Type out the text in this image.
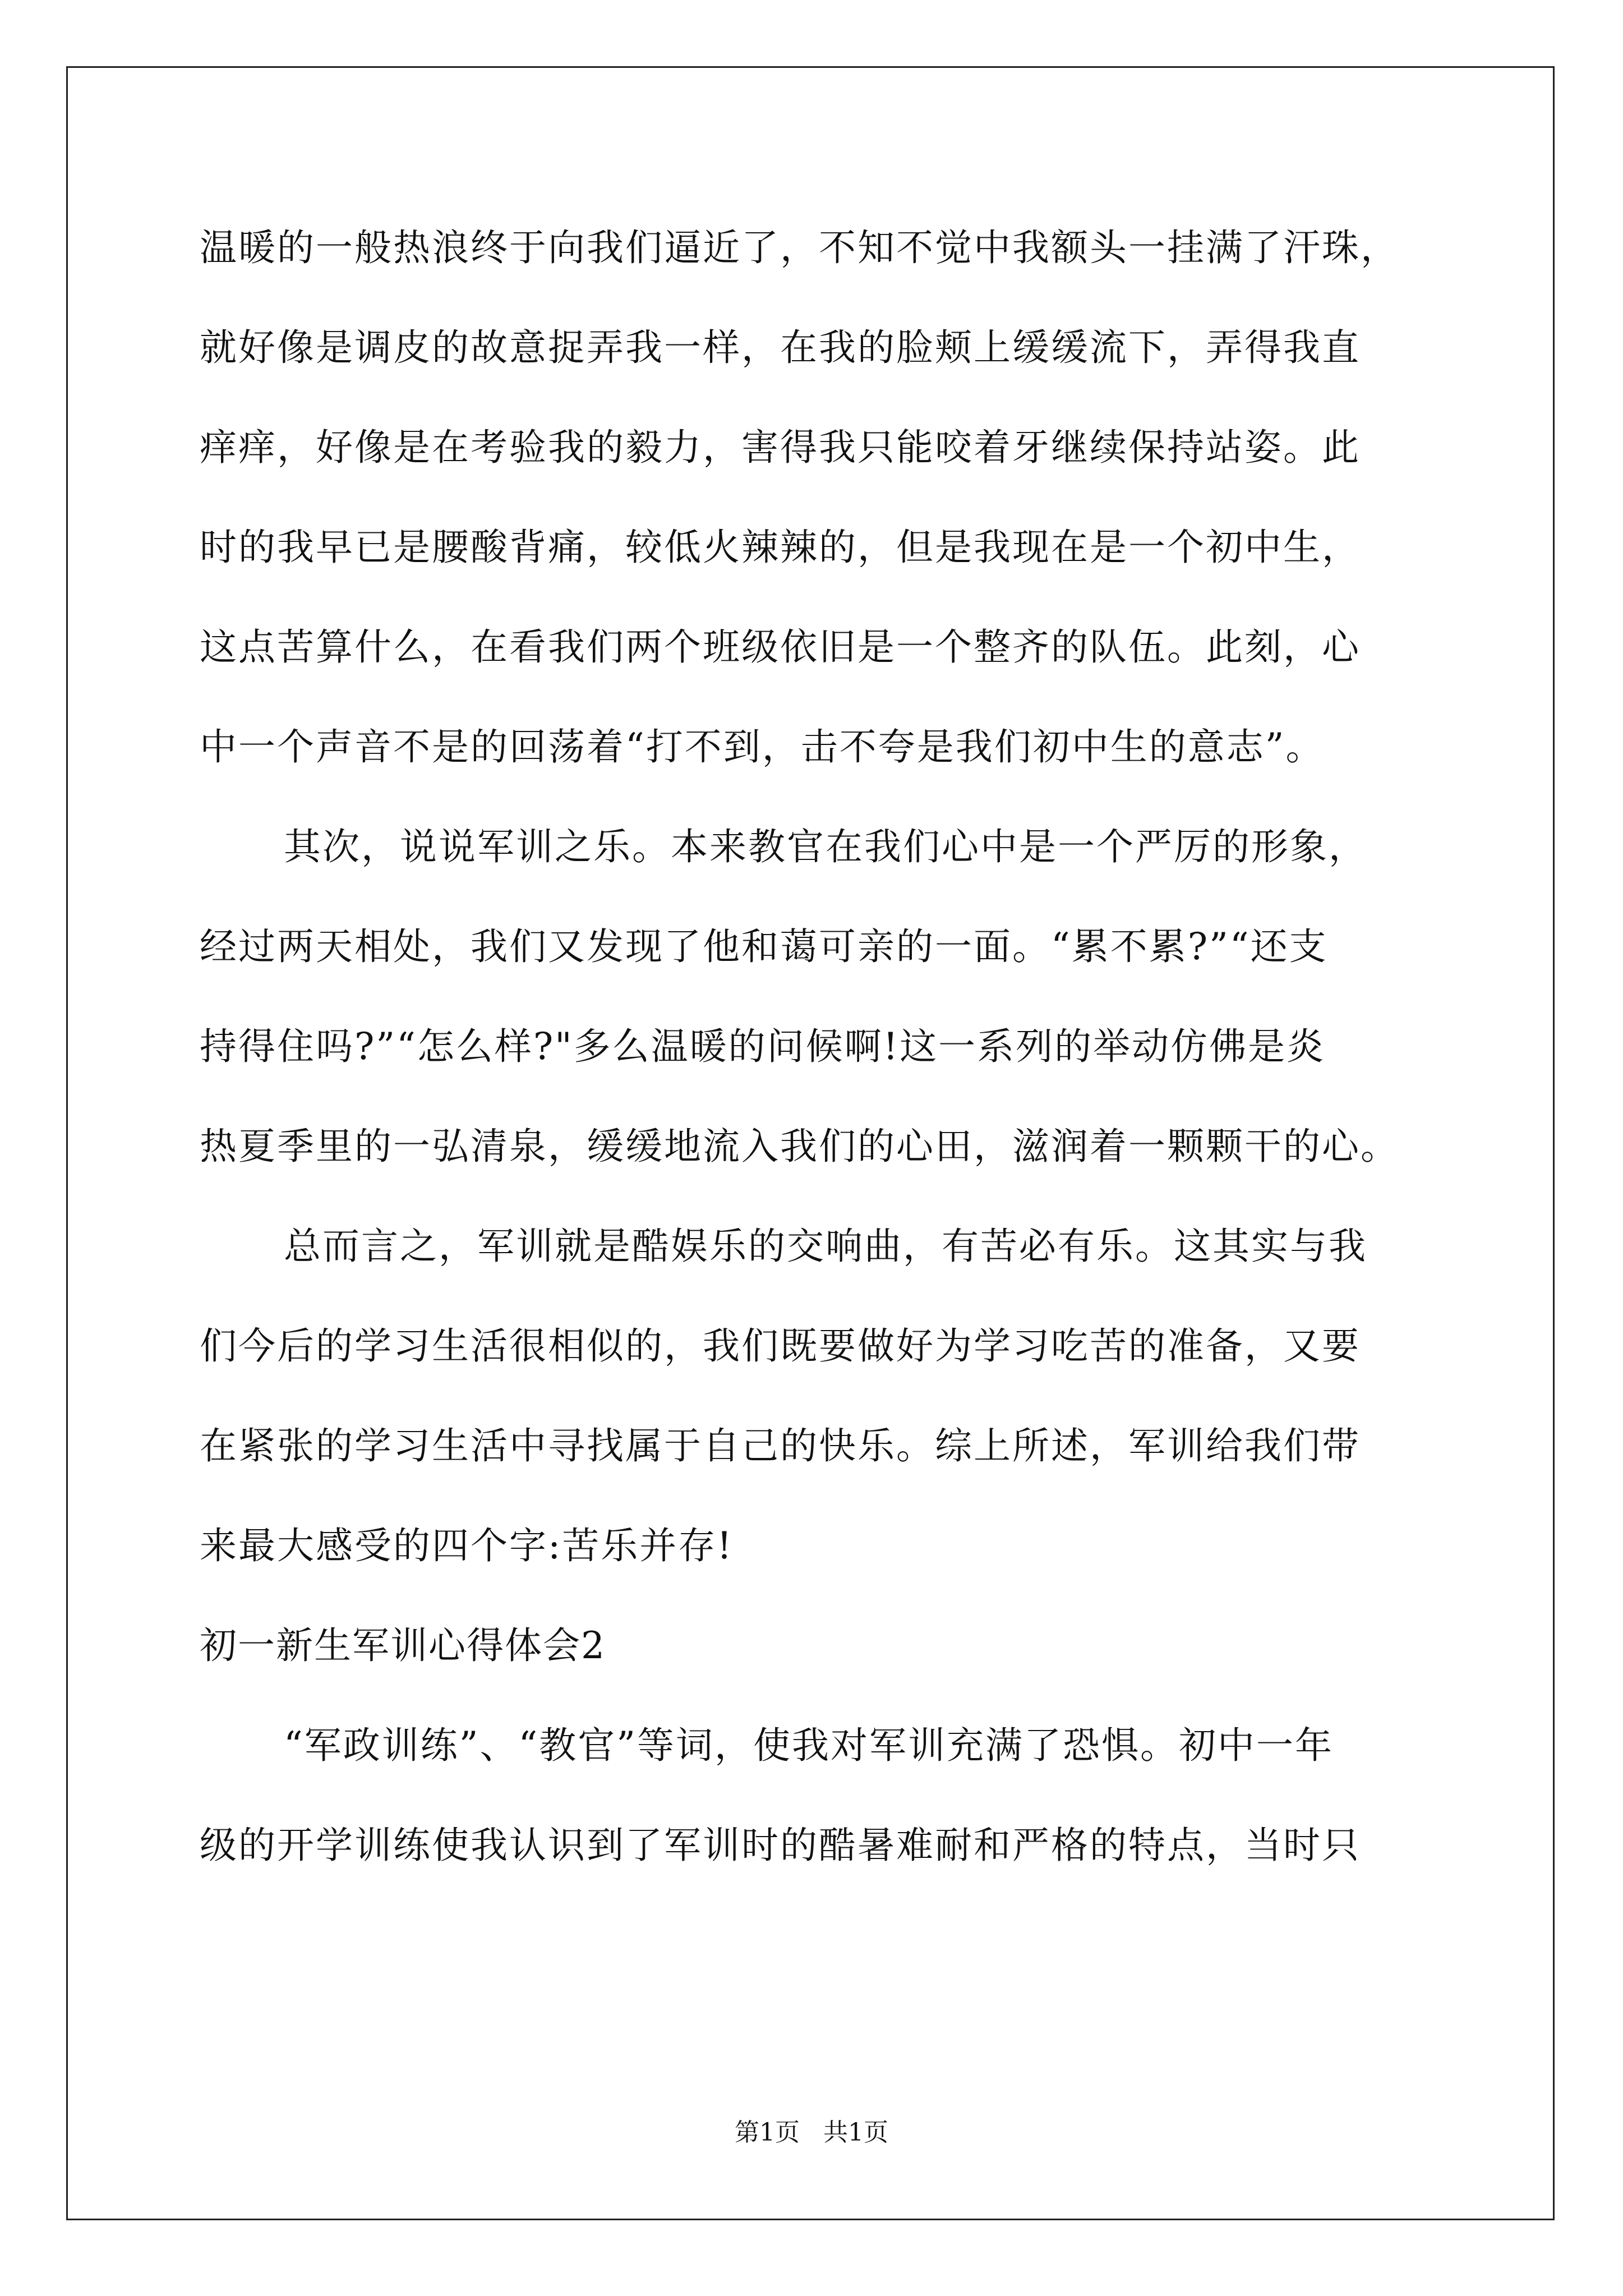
温暖的一般热浪终于向我们逼近了，不知不觉中我额头一挂满了汗珠，
就好像是调皮的故意捉弄我一样，在我的脸颊上缓缓流下，弄得我直
痒痒，好像是在考验我的毅力，害得我只能咬着牙继续保持站姿。此
时的我早已是腰酸背痛，较低火辣辣的，但是我现在是一个初中生，
这点苦算什么，在看我们两个班级依旧是一个整齐的队伍。此刻，心
中一个声音不是的回荡着“打不到，击不夸是我们初中生的意志”。
其次，说说军训之乐。本来教官在我们心中是一个严厉的形象，
经过两天相处，我们又发现了他和蔼可亲的一面。“累不累?”“还支
持得住吗?”“怎么样?"多么温暖的问候啊!这一系列的举动仿佛是炎
热夏季里的一弘清泉，缓缓地流入我们的心田，滋润着一颗颗干的心。
总而言之，军训就是酷娱乐的交响曲，有苦必有乐。这其实与我
们今后的学习生活很相似的，我们既要做好为学习吃苦的准备，又要
在紧张的学习生活中寻找属于自己的快乐。综上所述，军训给我们带
来最大感受的四个字:苦乐并存!
初一新生军训心得体会2
“军政训练”、“教官”等词，使我对军训充满了恐惧。初中一年
级的开学训练使我认识到了军训时的酷暑难耐和严格的特点，当时只
第1页   共1页
